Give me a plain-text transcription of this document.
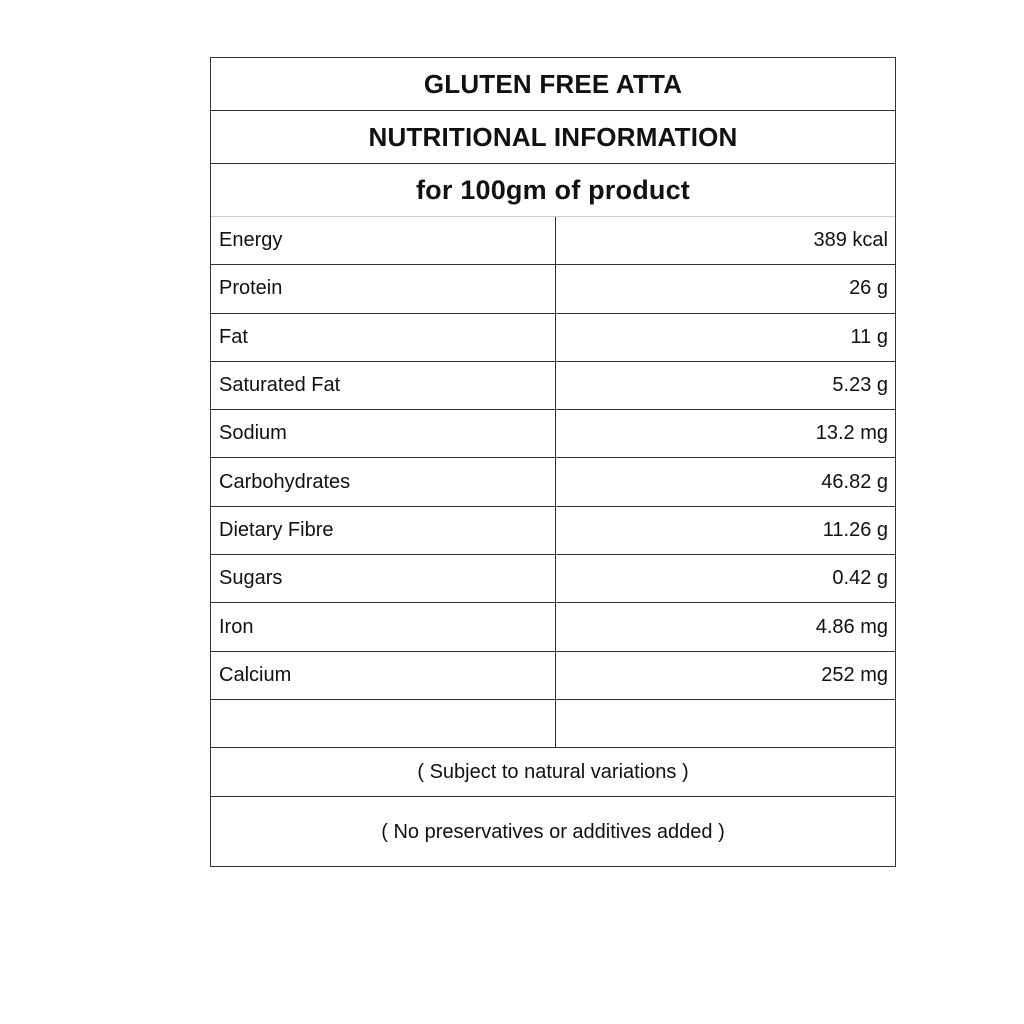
GLUTEN FREE ATTA
NUTRITIONAL INFORMATION
for 100gm of product
Energy	389 kcal
Protein	26 g
Fat	11 g
Saturated Fat	5.23 g
Sodium	13.2 mg
Carbohydrates	46.82 g
Dietary Fibre	11.26 g
Sugars	0.42 g
Iron	4.86 mg
Calcium	252 mg
( Subject to natural variations )
( No preservatives or additives added )
